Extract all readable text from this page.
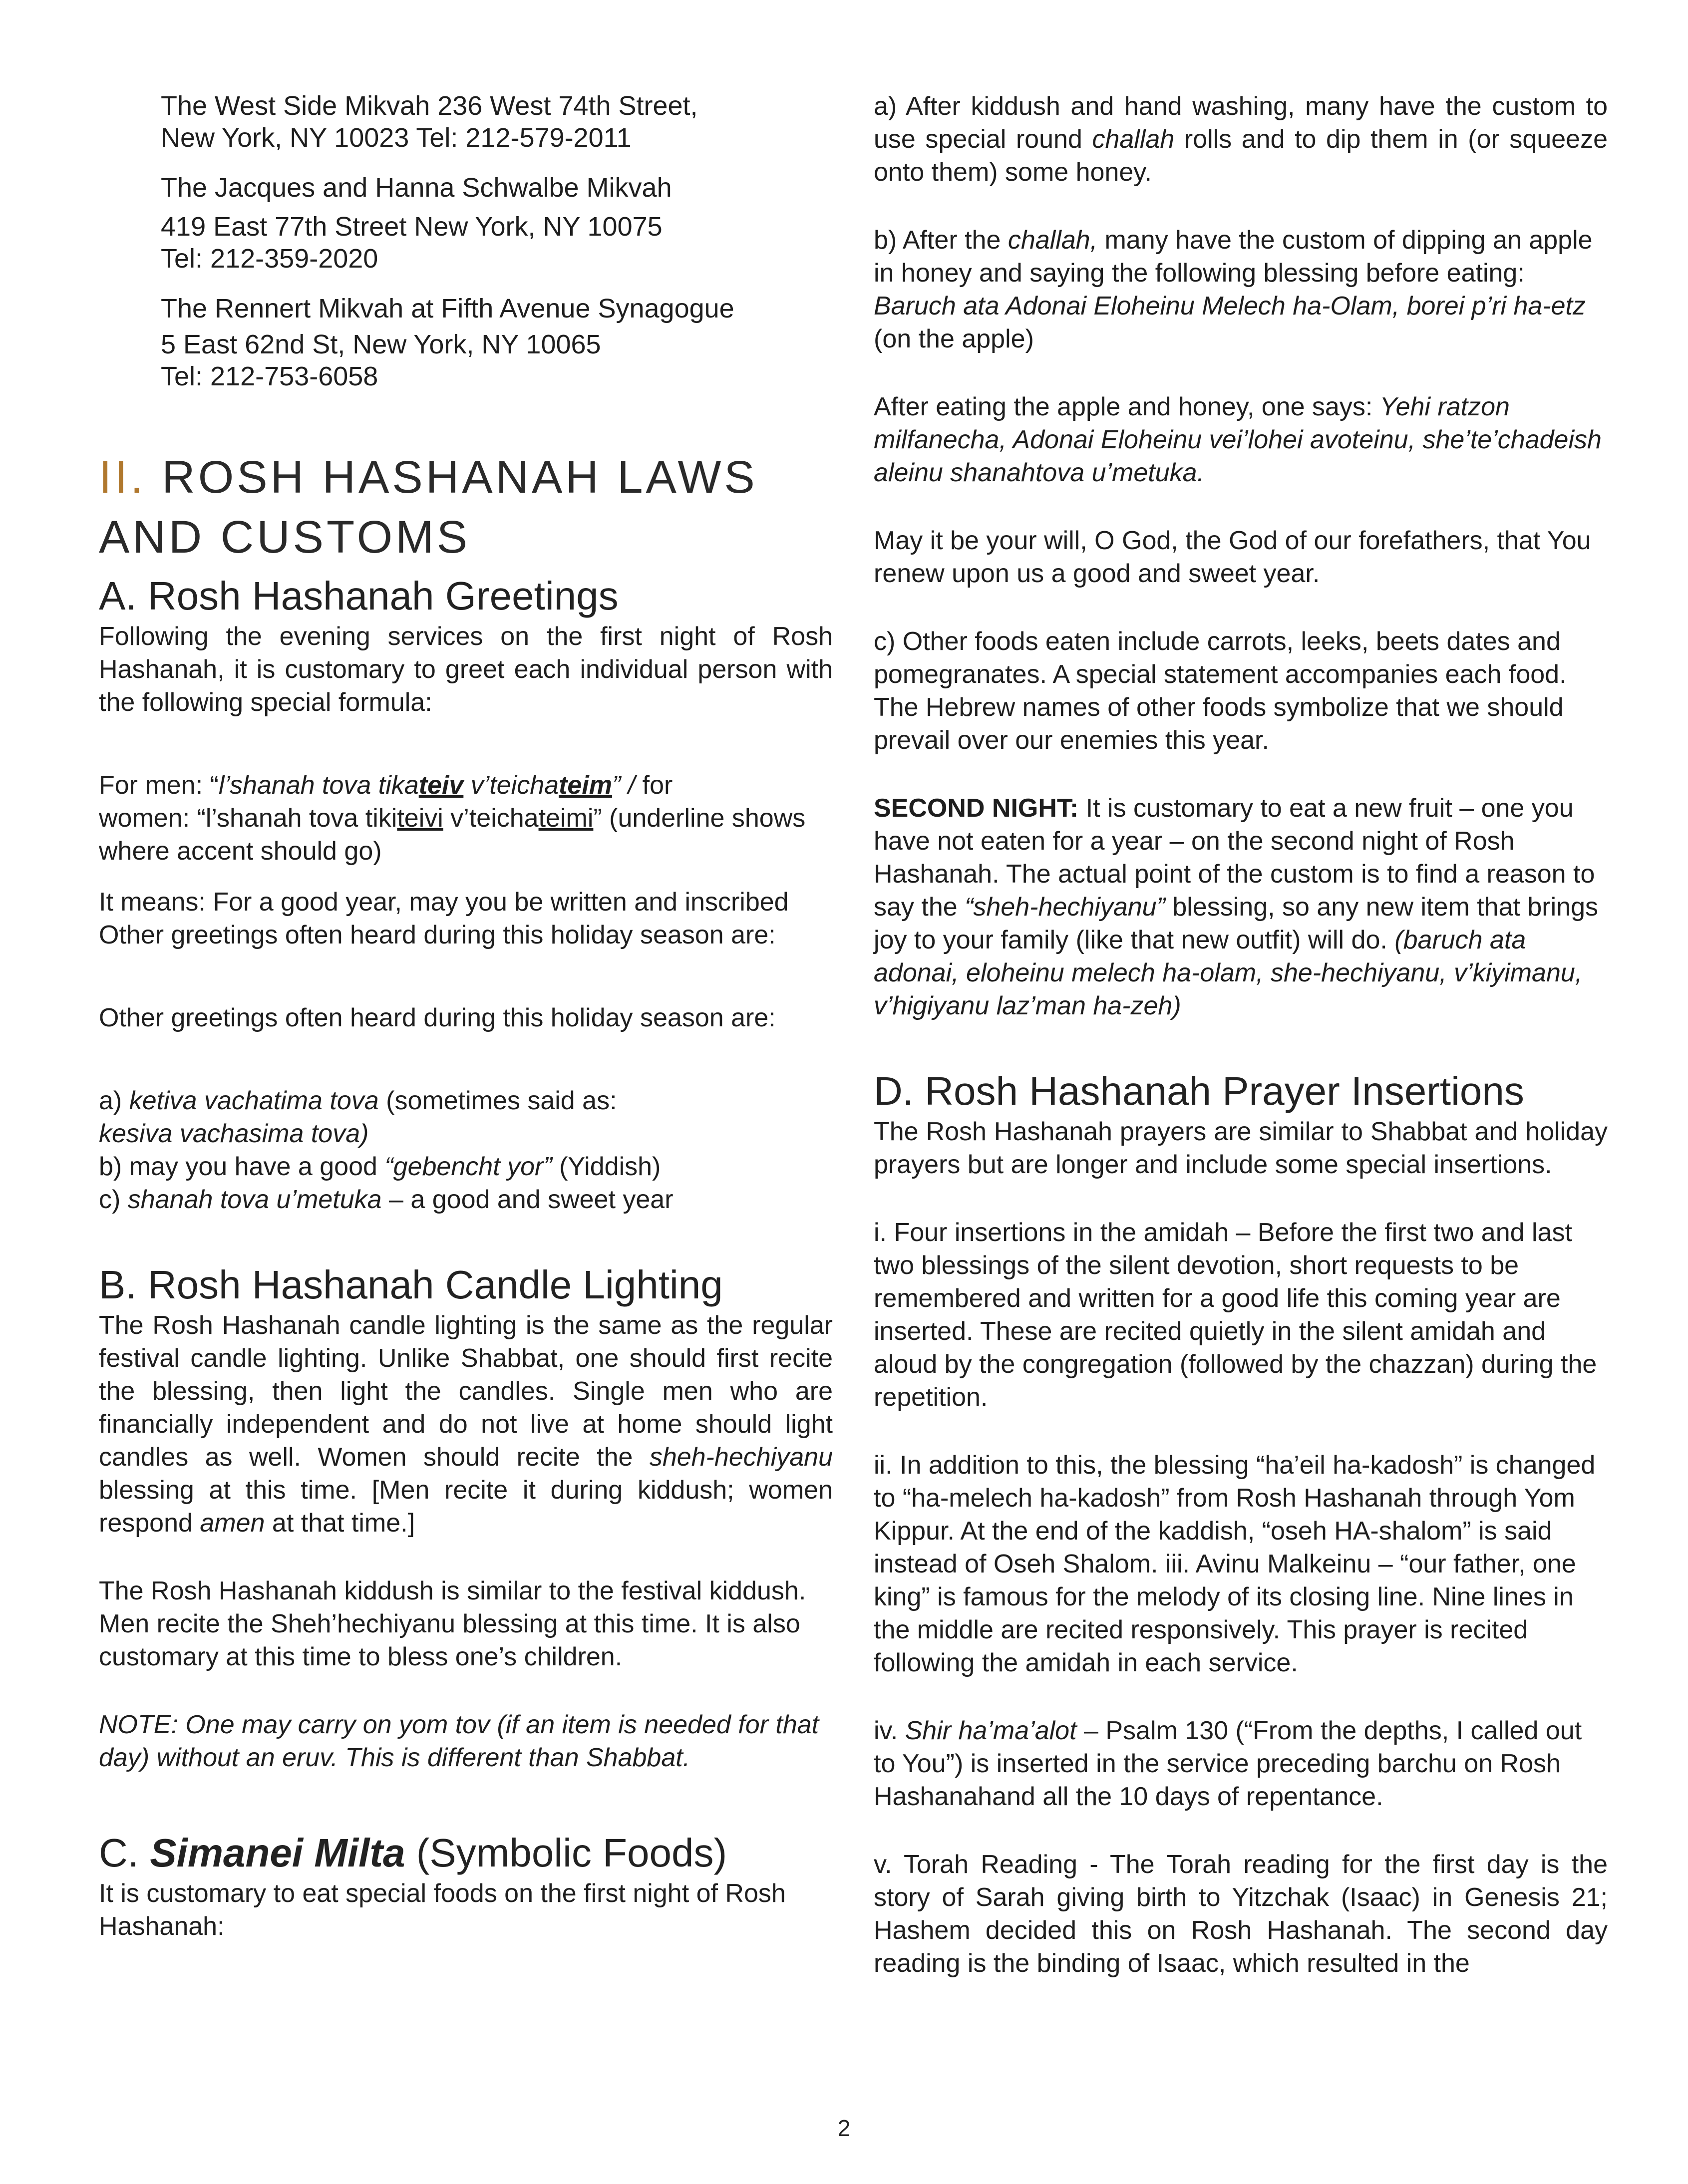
The West Side Mikvah 236 West 74th Street,

New York, NY 10023 Tel: 212-579-2011

The Jacques and Hanna Schwalbe Mikvah

419 East 77th Street New York, NY 10075

Tel: 212-359-2020

The Rennert Mikvah at Fifth Avenue Synagogue

5 East 62nd St, New York, NY 10065

Tel: 212-753-6058

II. ROSH HASHANAH LAWS AND CUSTOMS
A. Rosh Hashanah Greetings

Following the evening services on the first night of Rosh Hashanah, it is customary to greet each individual person with the following special formula:

For men: “l’shanah tova tikateiv v’teichateim” / for

women: “l’shanah tova tikiteivi v’teichateimi” (underline shows where accent should go)

It means: For a good year, may you be written and inscribed Other greetings often heard during this holiday season are:

Other greetings often heard during this holiday season are:

a) ketiva vachatima tova (sometimes said as:

kesiva vachasima tova)

b) may you have a good “gebencht yor” (Yiddish)

c) shanah tova u’metuka – a good and sweet year

B. Rosh Hashanah Candle Lighting

The Rosh Hashanah candle lighting is the same as the regular festival candle lighting. Unlike Shabbat, one should first recite the blessing, then light the candles. Single men who are financially independent and do not live at home should light candles as well. Women should recite the sheh-hechiyanu blessing at this time. [Men recite it during kiddush; women respond amen at that time.]

The Rosh Hashanah kiddush is similar to the festival kiddush. Men recite the Sheh’hechiyanu blessing at this time. It is also customary at this time to bless one’s children.

NOTE: One may carry on yom tov (if an item is needed for that day) without an eruv. This is different than Shabbat.

C. Simanei Milta (Symbolic Foods)

It is customary to eat special foods on the first night of Rosh Hashanah:

a) After kiddush and hand washing, many have the custom to use special round challah rolls and to dip them in (or squeeze onto them) some honey.

b) After the challah, many have the custom of dipping an apple in honey and saying the following blessing before eating: Baruch ata Adonai Eloheinu Melech ha-Olam, borei p’ri ha-etz (on the apple)

After eating the apple and honey, one says: Yehi ratzon milfanecha, Adonai Eloheinu vei’lohei avoteinu, she’te’chadeish aleinu shanahtova u’metuka.

May it be your will, O God, the God of our forefathers, that You renew upon us a good and sweet year.

c) Other foods eaten include carrots, leeks, beets dates and pomegranates. A special statement accompanies each food. The Hebrew names of other foods symbolize that we should prevail over our enemies this year.

SECOND NIGHT: It is customary to eat a new fruit – one you have not eaten for a year – on the second night of Rosh Hashanah. The actual point of the custom is to find a reason to say the “sheh-hechiyanu” blessing, so any new item that brings joy to your family (like that new outfit) will do. (baruch ata adonai, eloheinu melech ha-olam, she-hechiyanu, v’kiyimanu, v’higiyanu laz’man ha-zeh)

D. Rosh Hashanah Prayer Insertions

The Rosh Hashanah prayers are similar to Shabbat and holiday prayers but are longer and include some special insertions.

i. Four insertions in the amidah – Before the first two and last two blessings of the silent devotion, short requests to be remembered and written for a good life this coming year are inserted. These are recited quietly in the silent amidah and aloud by the congregation (followed by the chazzan) during the repetition.

ii. In addition to this, the blessing “ha’eil ha-kadosh” is changed to “ha-melech ha-kadosh” from Rosh Hashanah through Yom Kippur. At the end of the kaddish, “oseh HA-shalom” is said instead of Oseh Shalom. iii. Avinu Malkeinu – “our father, one king” is famous for the melody of its closing line. Nine lines in the middle are recited responsively. This prayer is recited following the amidah in each service.

iv. Shir ha’ma’alot – Psalm 130 (“From the depths, I called out to You”) is inserted in the service preceding barchu on Rosh Hashanahand all the 10 days of repentance.

v. Torah Reading - The Torah reading for the first day is the story of Sarah giving birth to Yitzchak (Isaac) in Genesis 21; Hashem decided this on Rosh Hashanah. The second day reading is the binding of Isaac, which resulted in the

2
